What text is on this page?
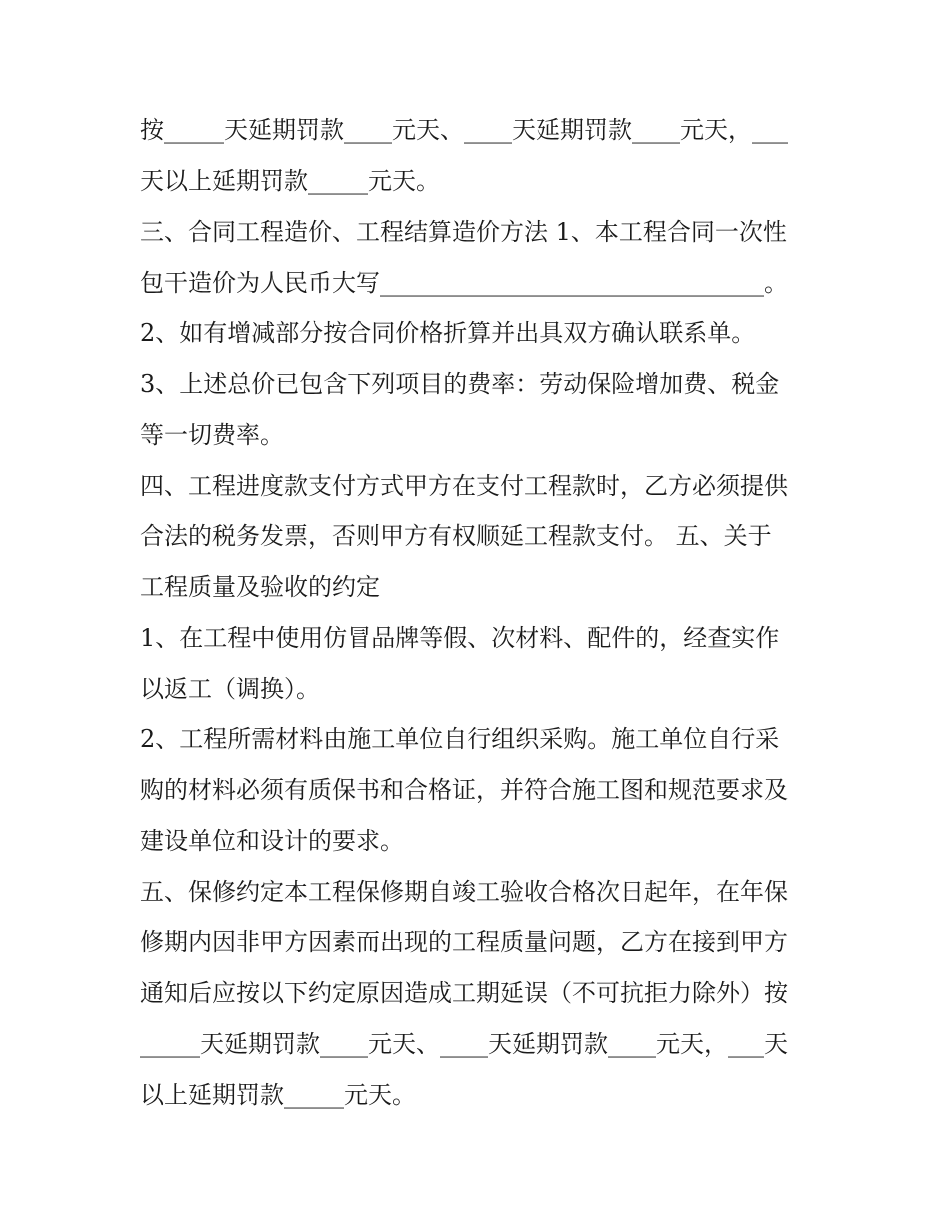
按_____天延期罚款____元天、____天延期罚款____元天，___

天以上延期罚款_____元天。

三、合同工程造价、工程结算造价方法 1、本工程合同一次性

包干造价为人民币大写________________________________。

2、如有增减部分按合同价格折算并出具双方确认联系单。

3、上述总价已包含下列项目的费率：劳动保险增加费、税金

等一切费率。

四、工程进度款支付方式甲方在支付工程款时，乙方必须提供

合法的税务发票，否则甲方有权顺延工程款支付。 五、关于

工程质量及验收的约定

1、在工程中使用仿冒品牌等假、次材料、配件的，经查实作

以返工（调换）。

2、工程所需材料由施工单位自行组织采购。施工单位自行采

购的材料必须有质保书和合格证，并符合施工图和规范要求及

建设单位和设计的要求。

五、保修约定本工程保修期自竣工验收合格次日起年，在年保

修期内因非甲方因素而出现的工程质量问题，乙方在接到甲方

通知后应按以下约定原因造成工期延误（不可抗拒力除外）按

_____天延期罚款____元天、____天延期罚款____元天，___天

以上延期罚款_____元天。
